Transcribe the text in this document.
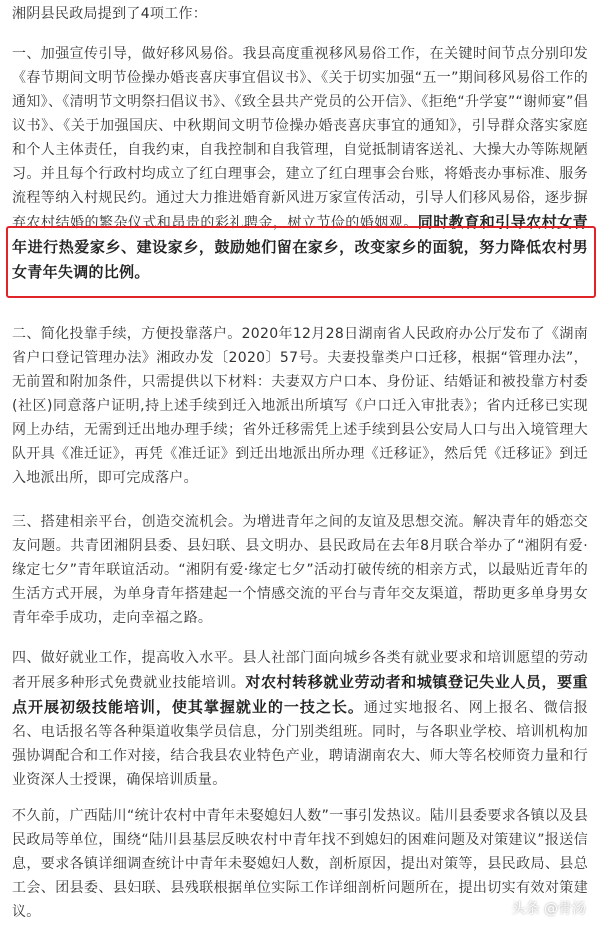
湘阴县民政局提到了4项工作：

一、加强宣传引导，做好移风易俗。我县高度重视移风易俗工作，在关键时间节点分别印发《春节期间文明节俭操办婚丧喜庆事宜倡议书》、《关于切实加强“五一”期间移风易俗工作的通知》、《清明节文明祭扫倡议书》、《致全县共产党员的公开信》、《拒绝“升学宴”“谢师宴”倡议书》、《关于加强国庆、中秋期间文明节俭操办婚丧喜庆事宜的通知》，引导群众落实家庭和个人主体责任，自我约束，自我控制和自我管理，自觉抵制请客送礼、大操大办等陈规陋习。并且每个行政村均成立了红白理事会，建立了红白理事会台账，将婚丧办事标准、服务流程等纳入村规民约。通过大力推进婚育新风进万家宣传活动，引导人们移风易俗，逐步摒弃农村结婚的繁杂仪式和昂贵的彩礼聘金，树立节俭的婚姻观。同时教育和引导农村女青年进行热爱家乡、建设家乡，鼓励她们留在家乡，改变家乡的面貌，努力降低农村男女青年失调的比例。

二、简化投靠手续，方便投靠落户。2020年12月28日湖南省人民政府办公厅发布了《湖南省户口登记管理办法》湘政办发〔2020〕57号。夫妻投靠类户口迁移，根据“管理办法”，无前置和附加条件，只需提供以下材料：夫妻双方户口本、身份证、结婚证和被投靠方村委(社区)同意落户证明,持上述手续到迁入地派出所填写《户口迁入审批表》；省内迁移已实现网上办结，无需到迁出地办理手续；省外迁移需凭上述手续到县公安局人口与出入境管理大队开具《准迁证》，再凭《准迁证》到迁出地派出所办理《迁移证》，然后凭《迁移证》到迁入地派出所，即可完成落户。

三、搭建相亲平台，创造交流机会。为增进青年之间的友谊及思想交流。解决青年的婚恋交友问题。共青团湘阴县委、县妇联、县文明办、县民政局在去年8月联合举办了“湘阴有爱·缘定七夕”青年联谊活动。“湘阴有爱·缘定七夕”活动打破传统的相亲方式，以最贴近青年的生活方式开展，为单身青年搭建起一个情感交流的平台与青年交友渠道，帮助更多单身男女青年牵手成功，走向幸福之路。

四、做好就业工作，提高收入水平。县人社部门面向城乡各类有就业要求和培训愿望的劳动者开展多种形式免费就业技能培训。对农村转移就业劳动者和城镇登记失业人员，要重点开展初级技能培训，使其掌握就业的一技之长。通过实地报名、网上报名、微信报名、电话报名等各种渠道收集学员信息，分门别类组班。同时，与各职业学校、培训机构加强协调配合和工作对接，结合我县农业特色产业，聘请湖南农大、师大等名校师资力量和行业资深人士授课，确保培训质量。

不久前，广西陆川“统计农村中青年未娶媳妇人数”一事引发热议。陆川县委要求各镇以及县民政局等单位，围绕“陆川县基层反映农村中青年找不到媳妇的困难问题及对策建议”报送信息，要求各镇详细调查统计中青年未娶媳妇人数，剖析原因，提出对策等，县民政局、县总工会、团县委、县妇联、县残联根据单位实际工作详细剖析问题所在，提出切实有效对策建议。	头条 @骨汤
